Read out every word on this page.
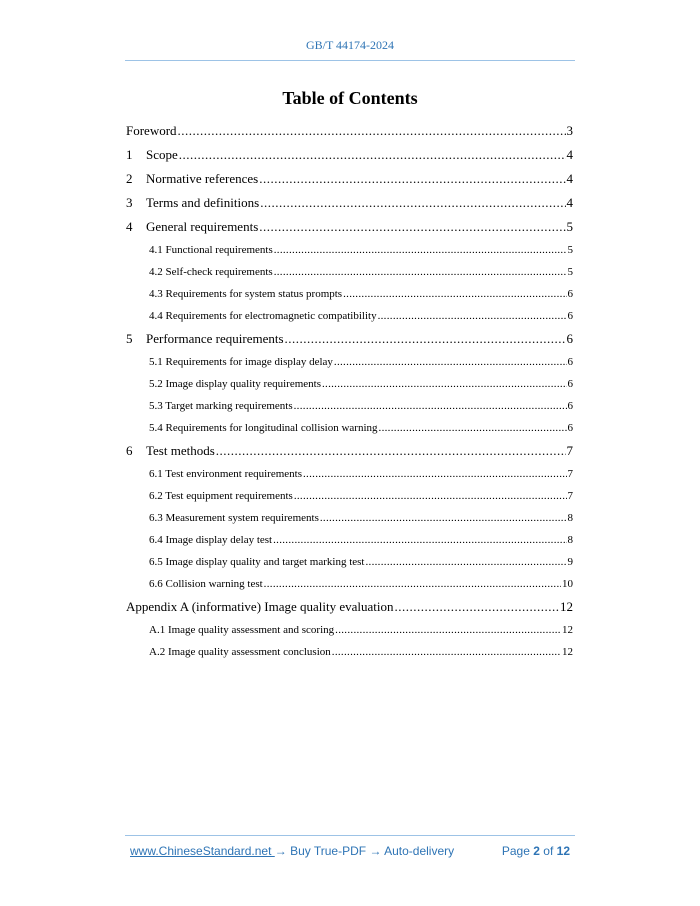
GB/T 44174-2024
Table of Contents
Foreword .....	3
1	Scope .....	4
2	Normative references .....	4
3	Terms and definitions .....	4
4	General requirements .....	5
4.1 Functional requirements .....	5
4.2 Self-check requirements .....	5
4.3 Requirements for system status prompts .....	6
4.4 Requirements for electromagnetic compatibility .....	6
5	Performance requirements .....	6
5.1 Requirements for image display delay .....	6
5.2 Image display quality requirements .....	6
5.3 Target marking requirements .....	6
5.4 Requirements for longitudinal collision warning .....	6
6	Test methods .....	7
6.1 Test environment requirements .....	7
6.2 Test equipment requirements .....	7
6.3 Measurement system requirements .....	8
6.4 Image display delay test .....	8
6.5 Image display quality and target marking test .....	9
6.6 Collision warning test .....	10
Appendix A (informative) Image quality evaluation .....	12
A.1 Image quality assessment and scoring .....	12
A.2 Image quality assessment conclusion .....	12
www.ChineseStandard.net → Buy True-PDF → Auto-delivery	Page 2 of 12
